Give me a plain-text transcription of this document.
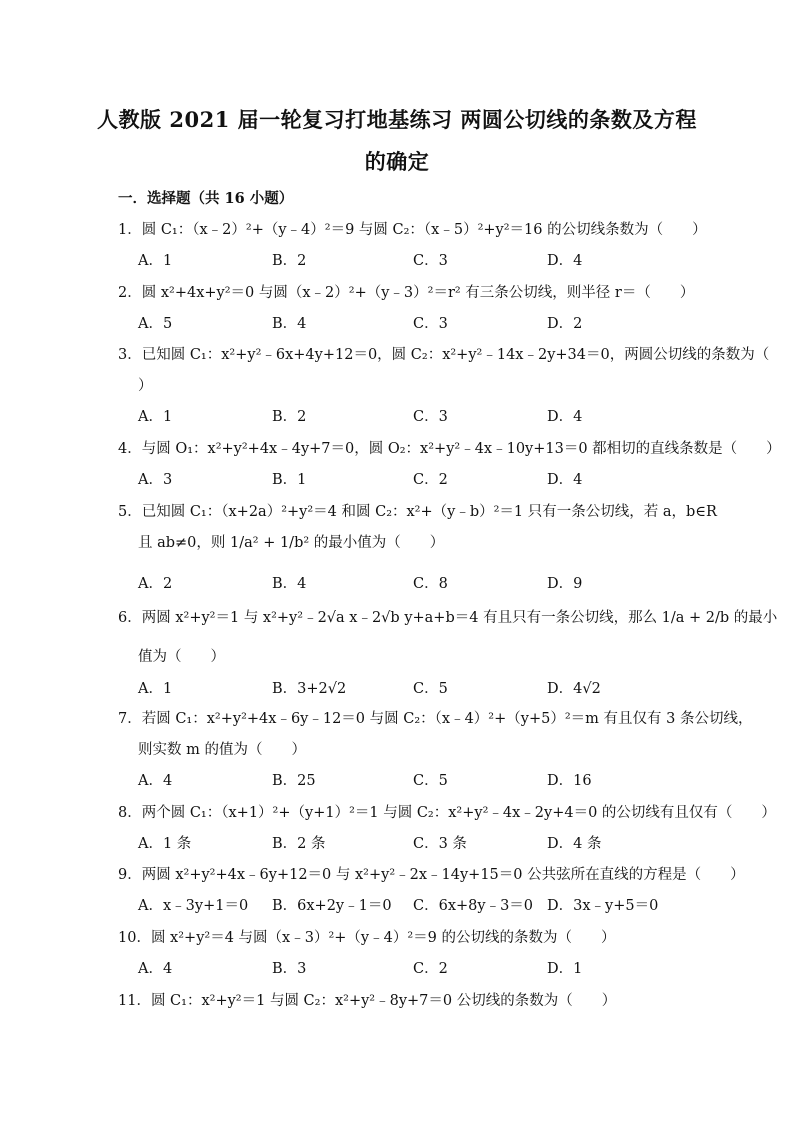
人教版 2021 届一轮复习打地基练习 两圆公切线的条数及方程
的确定
一．选择题（共 16 小题）
1．圆 C₁：（x﹣2）²+（y﹣4）²＝9 与圆 C₂：（x﹣5）²+y²＝16 的公切线条数为（　　）
A．1	B．2	C．3	D．4
2．圆 x²+4x+y²＝0 与圆（x﹣2）²+（y﹣3）²＝r² 有三条公切线，则半径 r＝（　　）
A．5	B．4	C．3	D．2
3．已知圆 C₁：x²+y²﹣6x+4y+12＝0，圆 C₂：x²+y²﹣14x﹣2y+34＝0，两圆公切线的条数为（
）
A．1	B．2	C．3	D．4
4．与圆 O₁：x²+y²+4x﹣4y+7＝0，圆 O₂：x²+y²﹣4x﹣10y+13＝0 都相切的直线条数是（　　）
A．3	B．1	C．2	D．4
5．已知圆 C₁：（x+2a）²+y²＝4 和圆 C₂：x²+（y﹣b）²＝1 只有一条公切线，若 a，b∈R
且 ab≠0，则 1/a² + 1/b² 的最小值为（　　）
A．2	B．4	C．8	D．9
6．两圆 x²+y²＝1 与 x²+y²﹣2√a x﹣2√b y+a+b＝4 有且只有一条公切线，那么 1/a + 2/b 的最小
值为（　　）
A．1	B．3+2√2	C．5	D．4√2
7．若圆 C₁：x²+y²+4x﹣6y﹣12＝0 与圆 C₂：（x﹣4）²+（y+5）²＝m 有且仅有 3 条公切线，
则实数 m 的值为（　　）
A．4	B．25	C．5	D．16
8．两个圆 C₁：（x+1）²+（y+1）²＝1 与圆 C₂：x²+y²﹣4x﹣2y+4＝0 的公切线有且仅有（　　）
A．1 条	B．2 条	C．3 条	D．4 条
9．两圆 x²+y²+4x﹣6y+12＝0 与 x²+y²﹣2x﹣14y+15＝0 公共弦所在直线的方程是（　　）
A．x﹣3y+1＝0 B．6x+2y﹣1＝0 C．6x+8y﹣3＝0 D．3x﹣y+5＝0
10．圆 x²+y²＝4 与圆（x﹣3）²+（y﹣4）²＝9 的公切线的条数为（　　）
A．4	B．3	C．2	D．1
11．圆 C₁：x²+y²＝1 与圆 C₂：x²+y²﹣8y+7＝0 公切线的条数为（　　）
